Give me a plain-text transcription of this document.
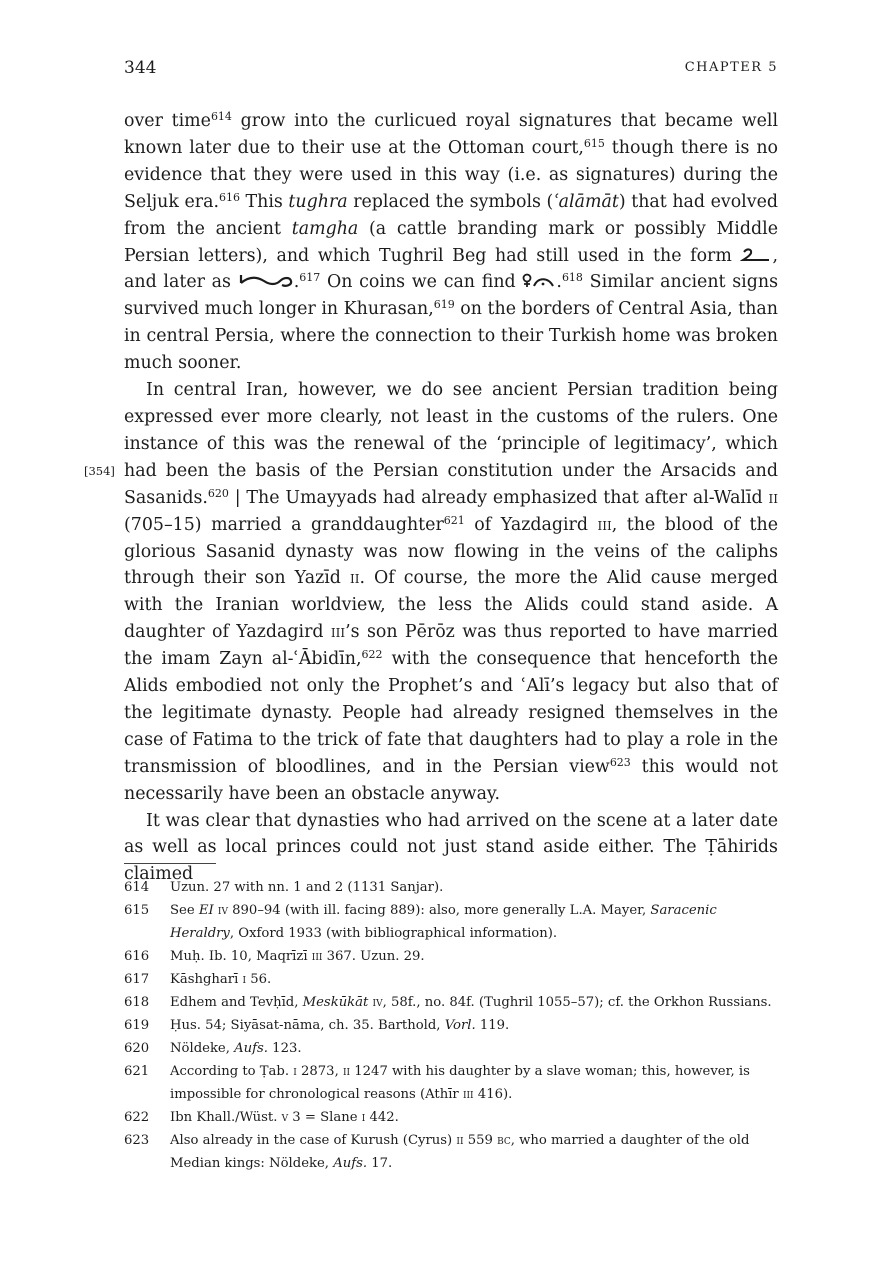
344	CHAPTER 5

over time$^{614}$ grow into the curlicued royal signatures that became well known later due to their use at the Ottoman court,$^{615}$ though there is no evidence that they were used in this way (i.e. as signatures) during the Seljuk era.$^{616}$ This tughra replaced the symbols (ʿalāmāt) that had evolved from the ancient tamgha (a cattle branding mark or possibly Middle Persian letters), and which Tughril Beg had still used in the form , and later as	.$^{617}$ On coins we can find .$^{618}$ Similar ancient signs survived much longer in Khurasan,$^{619}$ on the borders of Central Asia, than in central Persia, where the connection to their Turkish home was broken much sooner.

[354]
In central Iran, however, we do see ancient Persian tradition being expressed ever more clearly, not least in the customs of the rulers. One instance of this was the renewal of the ‘principle of legitimacy’, which had been the basis of the Persian constitution under the Arsacids and Sasanids.$^{620}$ | The Umayyads had already emphasized that after al-Walīd ii (705–15) married a granddaughter$^{621}$ of Yazdagird iii, the blood of the glorious Sasanid dynasty was now flowing in the veins of the caliphs through their son Yazīd ii. Of course, the more the Alid cause merged with the Iranian worldview, the less the Alids could stand aside. A daughter of Yazdagird iii’s son Pērōz was thus reported to have married the imam Zayn al-ʿĀbidīn,$^{622}$ with the consequence that henceforth the Alids embodied not only the Prophet’s and ʿAlī’s legacy but also that of the legitimate dynasty. People had already resigned themselves in the case of Fatima to the trick of fate that daughters had to play a role in the transmission of bloodlines, and in the Persian view$^{623}$ this would not necessarily have been an obstacle anyway.

It was clear that dynasties who had arrived on the scene at a later date as well as local princes could not just stand aside either. The Ṭāhirids claimed

614 Uzun. 27 with nn. 1 and 2 (1131 Sanjar).
615 See EI iv 890–94 (with ill. facing 889): also, more generally L.A. Mayer, Saracenic Heraldry, Oxford 1933 (with bibliographical information).
616 Muḥ. Ib. 10, Maqrīzī iii 367. Uzun. 29.
617 Kāshgharī i 56.
618 Edhem and Tevḥīd, Meskūkāt iv, 58f., no. 84f. (Tughril 1055–57); cf. the Orkhon Russians.
619 Ḥus. 54; Siyāsat-nāma, ch. 35. Barthold, Vorl. 119.
620 Nöldeke, Aufs. 123.
621 According to Ṭab. i 2873, ii 1247 with his daughter by a slave woman; this, however, is impossible for chronological reasons (Athīr iii 416).
622 Ibn Khall./Wüst. v 3 = Slane i 442.
623 Also already in the case of Kurush (Cyrus) ii 559 bc, who married a daughter of the old Median kings: Nöldeke, Aufs. 17.
